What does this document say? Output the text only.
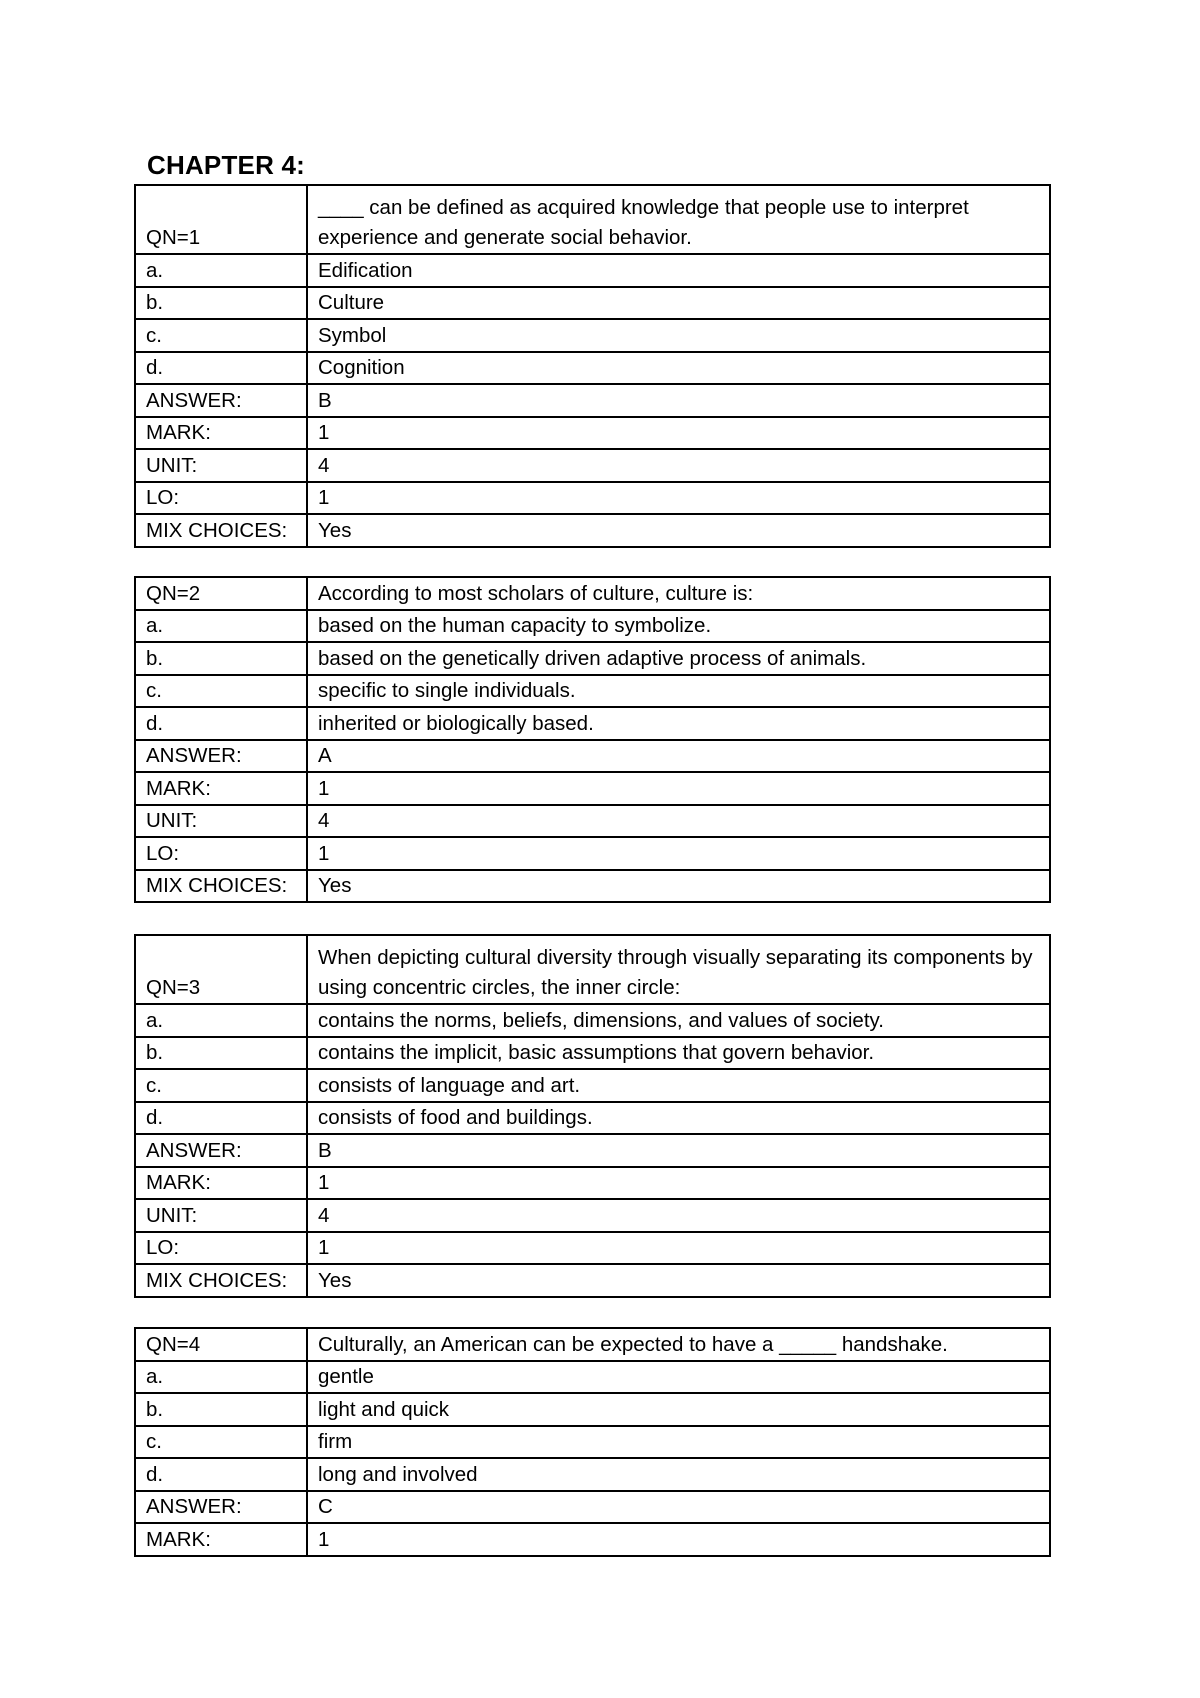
CHAPTER 4:
QN=1	____ can be defined as acquired knowledge that people use to interpret experience and generate social behavior.
a.	Edification
b.	Culture
c.	Symbol
d.	Cognition
ANSWER:	B
MARK:	1
UNIT:	4
LO:	1
MIX CHOICES:	Yes
QN=2	According to most scholars of culture, culture is:
a.	based on the human capacity to symbolize.
b.	based on the genetically driven adaptive process of animals.
c.	specific to single individuals.
d.	inherited or biologically based.
ANSWER:	A
MARK:	1
UNIT:	4
LO:	1
MIX CHOICES:	Yes
QN=3	When depicting cultural diversity through visually separating its components by using concentric circles, the inner circle:
a.	contains the norms, beliefs, dimensions, and values of society.
b.	contains the implicit, basic assumptions that govern behavior.
c.	consists of language and art.
d.	consists of food and buildings.
ANSWER:	B
MARK:	1
UNIT:	4
LO:	1
MIX CHOICES:	Yes
QN=4	Culturally, an American can be expected to have a _____ handshake.
a.	gentle
b.	light and quick
c.	firm
d.	long and involved
ANSWER:	C
MARK:	1
